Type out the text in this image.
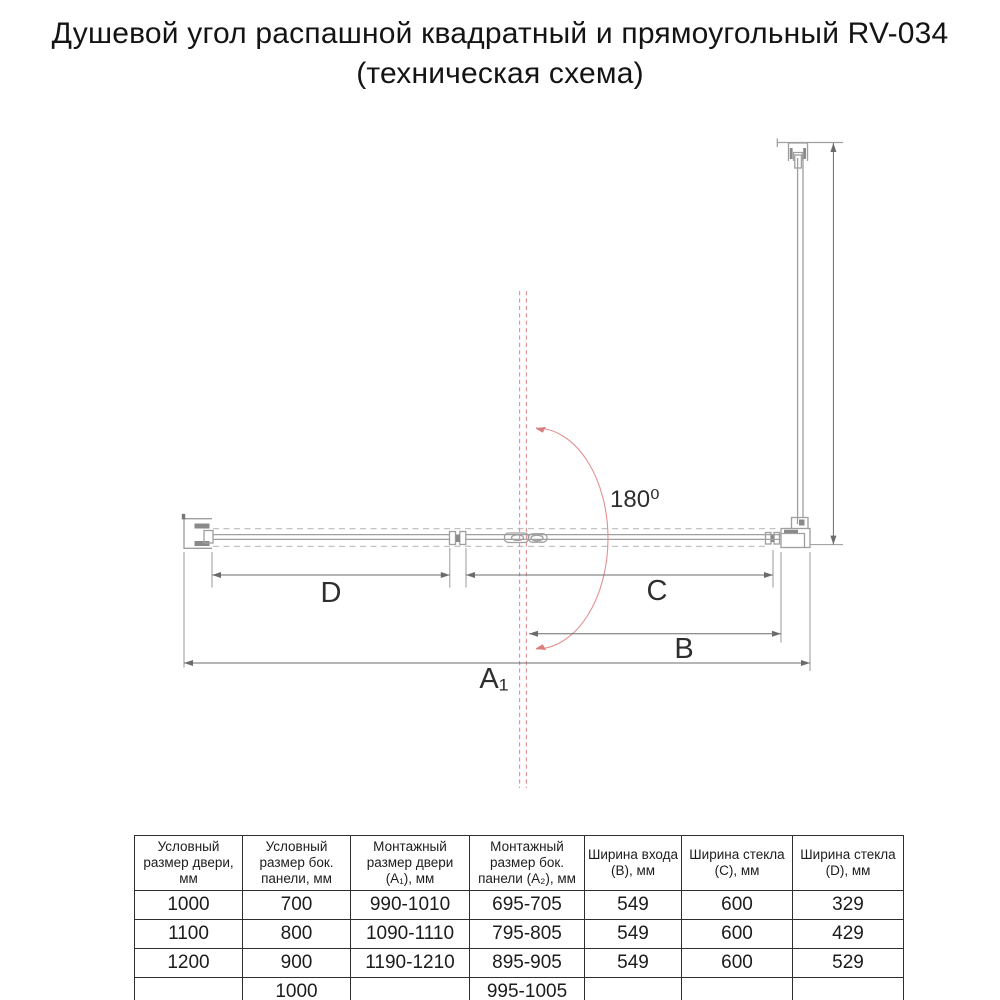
Душевой угол распашной квадратный и прямоугольный RV-034
(техническая схема)
180⁰
D	C
B
A₁
Условный размер двери, мм	Условный размер бок. панели, мм	Монтажный размер двери (А₁), мм	Монтажный размер бок. панели (А₂), мм	Ширина входа (B), мм	Ширина стекла (C), мм	Ширина стекла (D), мм
1000	700	990-1010	695-705	549	600	329
1100	800	1090-1110	795-805	549	600	429
1200	900	1190-1210	895-905	549	600	529
	1000		995-1005			
